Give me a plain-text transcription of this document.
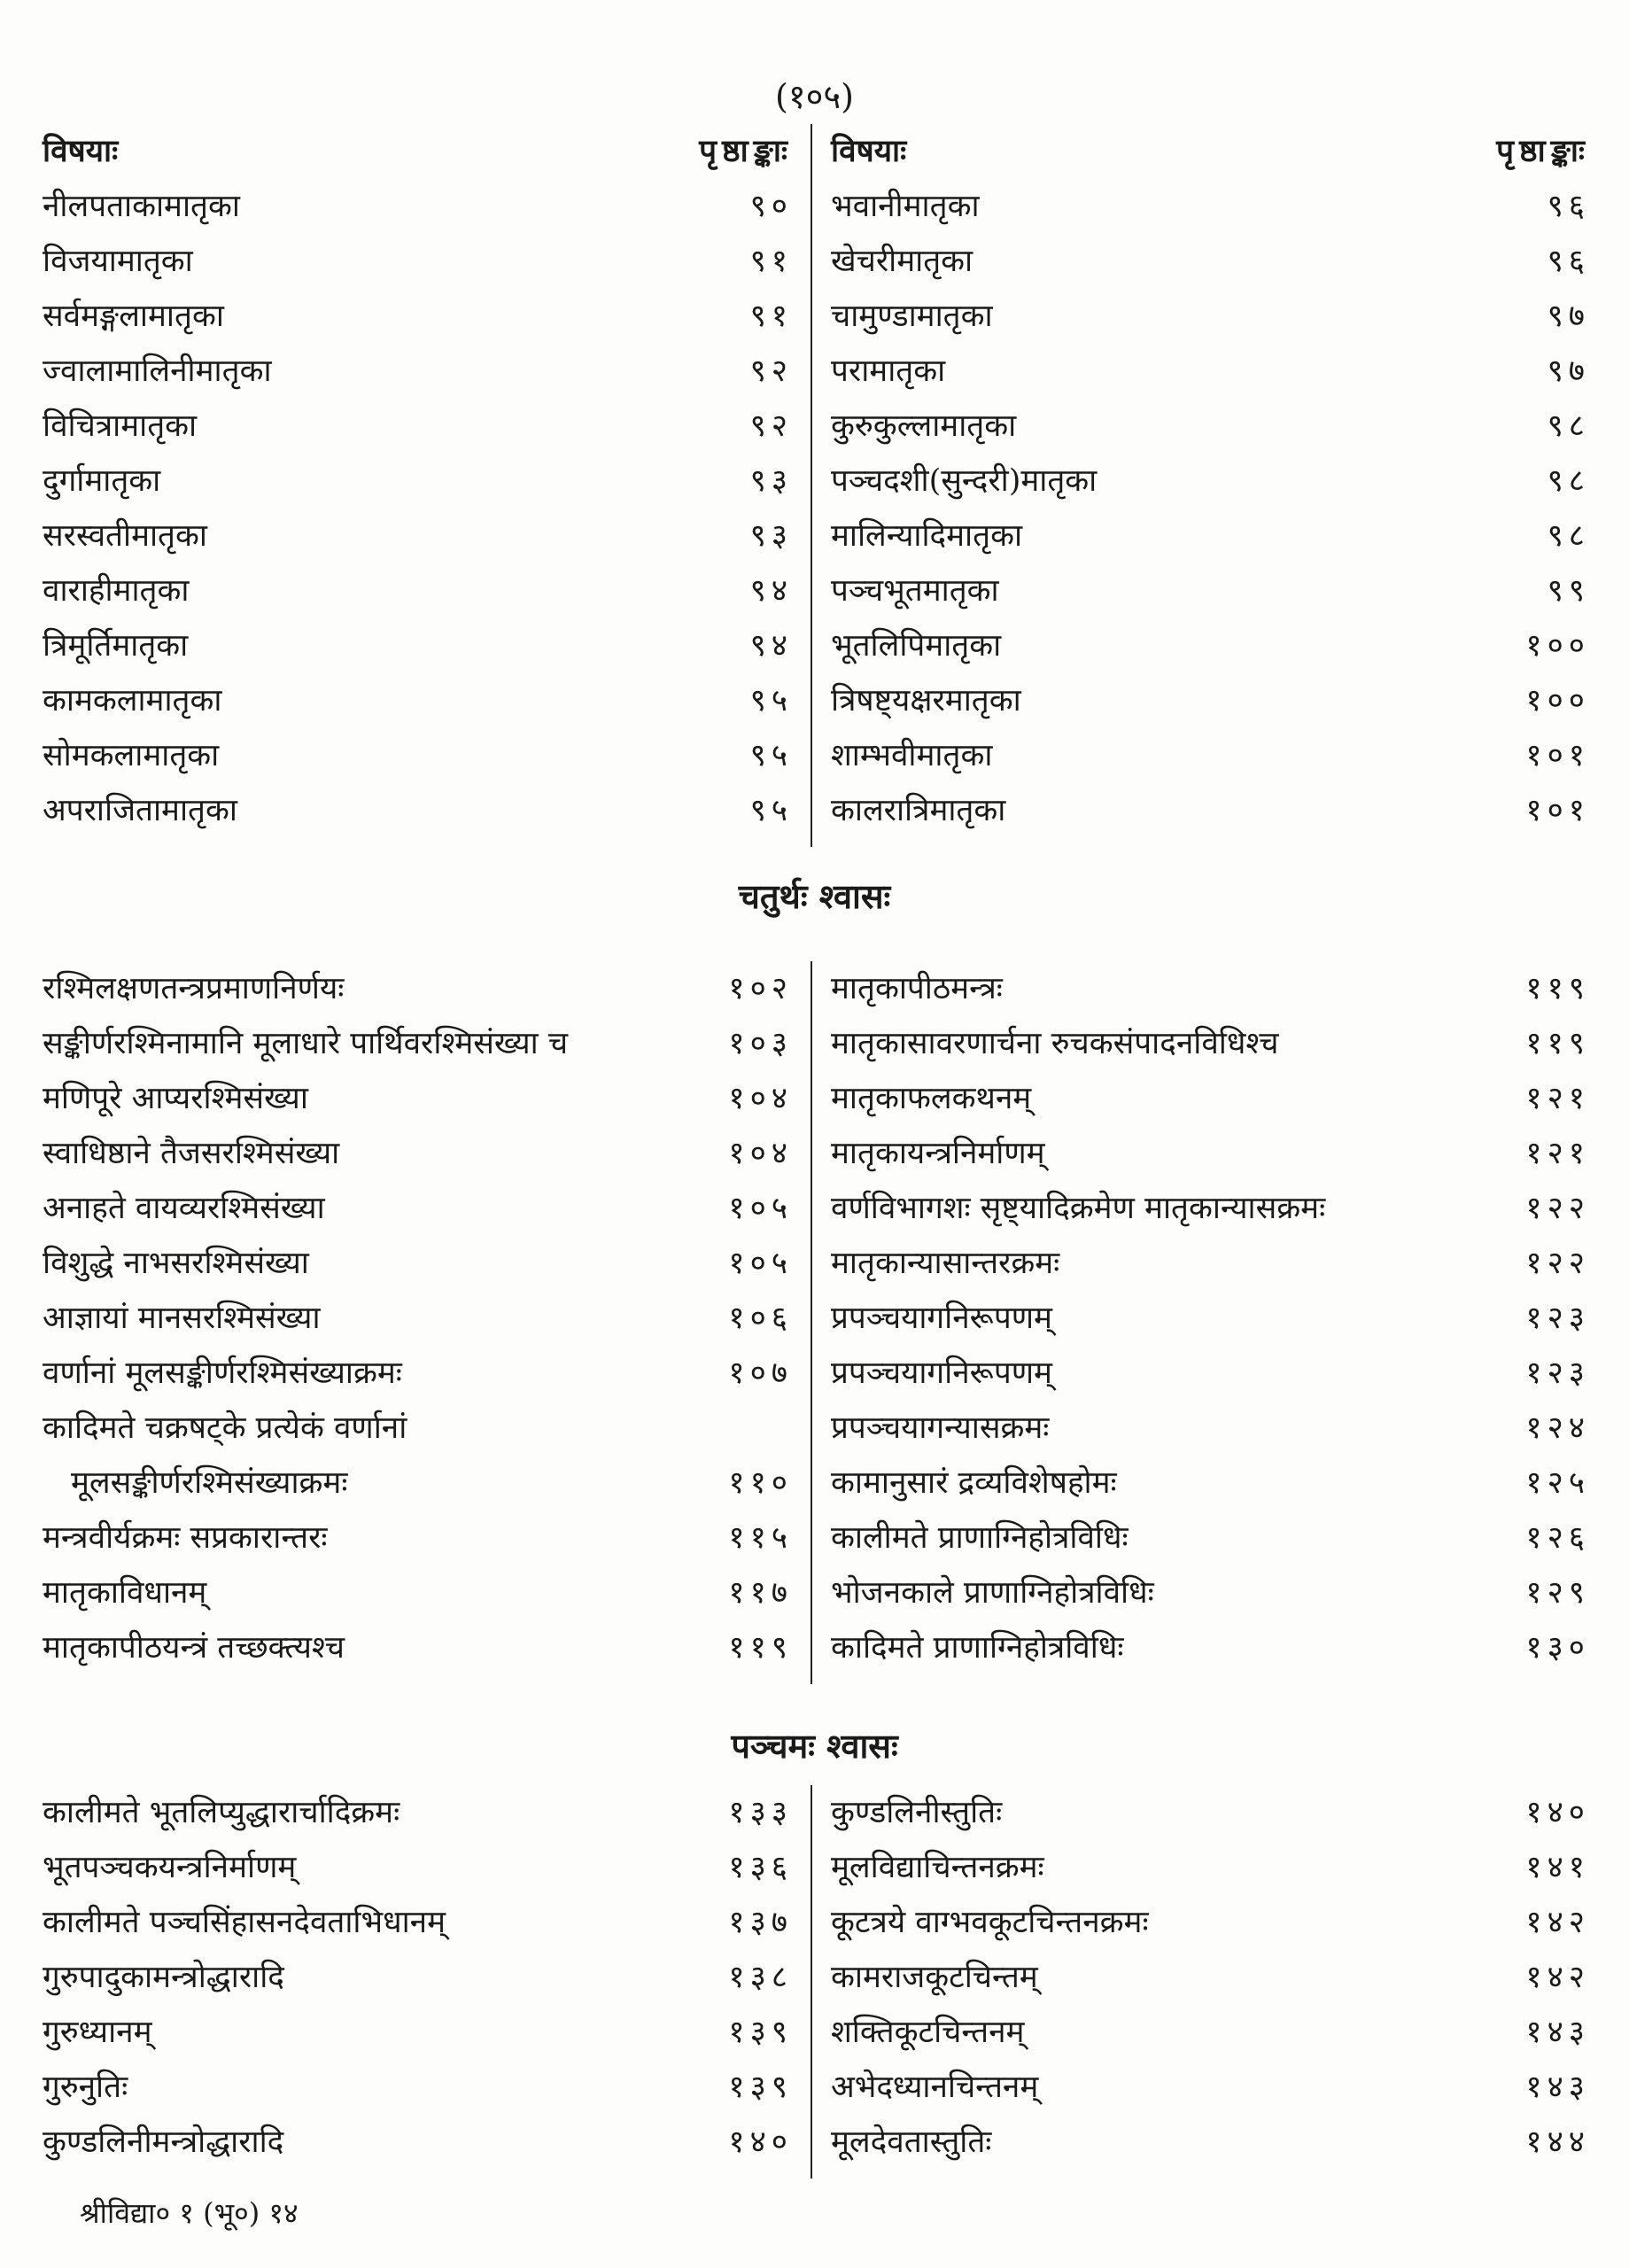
(१०५)
विषयाः	पृष्ठाङ्काः
नीलपताकामातृका	९०
विजयामातृका	९१
सर्वमङ्गलामातृका	९१
ज्वालामालिनीमातृका	९२
विचित्रामातृका	९२
दुर्गामातृका	९३
सरस्वतीमातृका	९३
वाराहीमातृका	९४
त्रिमूर्तिमातृका	९४
कामकलामातृका	९५
सोमकलामातृका	९५
अपराजितामातृका	९५
विषयाः	पृष्ठाङ्काः
भवानीमातृका	९६
खेचरीमातृका	९६
चामुण्डामातृका	९७
परामातृका	९७
कुरुकुल्लामातृका	९८
पञ्चदशी(सुन्दरी)मातृका	९८
मालिन्यादिमातृका	९८
पञ्चभूतमातृका	९९
भूतलिपिमातृका	१००
त्रिषष्ट्यक्षरमातृका	१००
शाम्भवीमातृका	१०१
कालरात्रिमातृका	१०१
चतुर्थः श्वासः
रश्मिलक्षणतन्त्रप्रमाणनिर्णयः	१०२
सङ्कीर्णरश्मिनामानि मूलाधारे पार्थिवरश्मिसंख्या च	१०३
मणिपूरे आप्यरश्मिसंख्या	१०४
स्वाधिष्ठाने तैजसरश्मिसंख्या	१०४
अनाहते वायव्यरश्मिसंख्या	१०५
विशुद्धे नाभसरश्मिसंख्या	१०५
आज्ञायां मानसरश्मिसंख्या	१०६
वर्णानां मूलसङ्कीर्णरश्मिसंख्याक्रमः	१०७
कादिमते चक्रषट्के प्रत्येकं वर्णानां
मूलसङ्कीर्णरश्मिसंख्याक्रमः	११०
मन्त्रवीर्यक्रमः सप्रकारान्तरः	११५
मातृकाविधानम्	११७
मातृकापीठयन्त्रं तच्छक्त्यश्च	११९
मातृकापीठमन्त्रः	११९
मातृकासावरणार्चना रुचकसंपादनविधिश्च	११९
मातृकाफलकथनम्	१२१
मातृकायन्त्रनिर्माणम्	१२१
वर्णविभागशः सृष्ट्यादिक्रमेण मातृकान्यासक्रमः	१२२
मातृकान्यासान्तरक्रमः	१२२
प्रपञ्चयागनिरूपणम्	१२३
प्रपञ्चयागनिरूपणम्	१२३
प्रपञ्चयागन्यासक्रमः	१२४
कामानुसारं द्रव्यविशेषहोमः	१२५
कालीमते प्राणाग्निहोत्रविधिः	१२६
भोजनकाले प्राणाग्निहोत्रविधिः	१२९
कादिमते प्राणाग्निहोत्रविधिः	१३०
पञ्चमः श्वासः
कालीमते भूतलिप्युद्धारार्चादिक्रमः	१३३
भूतपञ्चकयन्त्रनिर्माणम्	१३६
कालीमते पञ्चसिंहासनदेवताभिधानम्	१३७
गुरुपादुकामन्त्रोद्धारादि	१३८
गुरुध्यानम्	१३९
गुरुनुतिः	१३९
कुण्डलिनीमन्त्रोद्धारादि	१४०
कुण्डलिनीस्तुतिः	१४०
मूलविद्याचिन्तनक्रमः	१४१
कूटत्रये वाग्भवकूटचिन्तनक्रमः	१४२
कामराजकूटचिन्तम्	१४२
शक्तिकूटचिन्तनम्	१४३
अभेदध्यानचिन्तनम्	१४३
मूलदेवतास्तुतिः	१४४
श्रीविद्या० १ (भू०) १४
